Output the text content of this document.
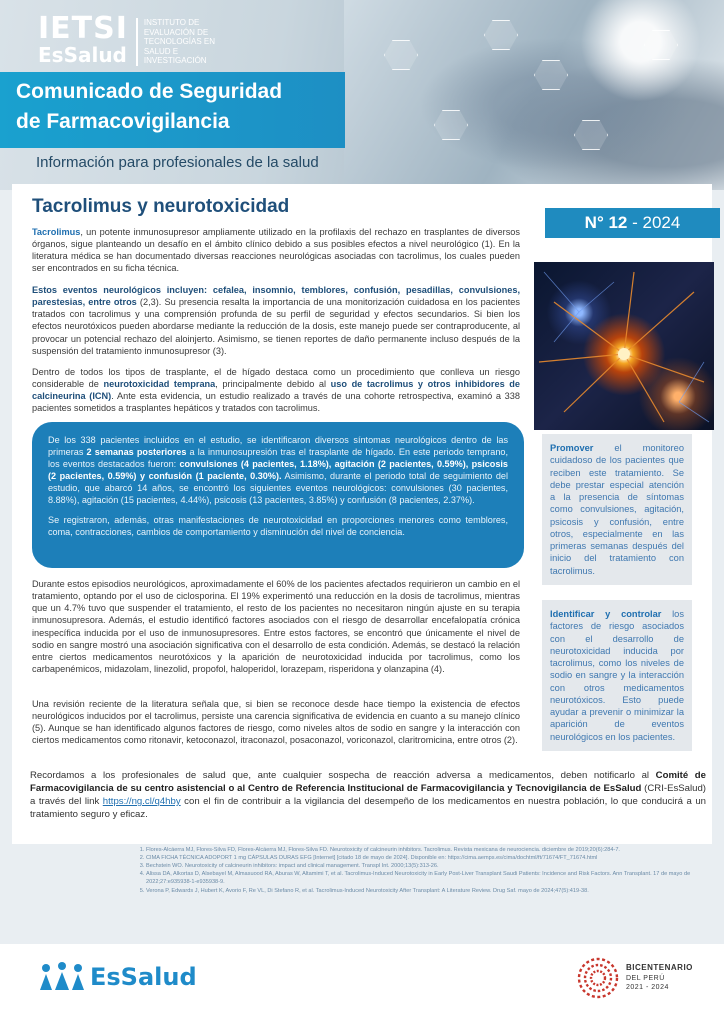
IETSI
EsSalud
INSTITUTO DE EVALUACIÓN DE TECNOLOGÍAS EN SALUD E INVESTIGACIÓN
Comunicado de Seguridad
de Farmacovigilancia
Información para profesionales de la salud
Tacrolimus y neurotoxicidad
N° 12 - 2024
Tacrolimus, un potente inmunosupresor ampliamente utilizado en la profilaxis del rechazo en trasplantes de diversos órganos, sigue planteando un desafío en el ámbito clínico debido a sus posibles efectos a nivel neurológico (1). En la literatura médica se han documentado diversas reacciones neurológicas asociadas con tacrolimus, los cuales pueden ser encontrados en su ficha técnica.
Estos eventos neurológicos incluyen: cefalea, insomnio, temblores, confusión, pesadillas, convulsiones, parestesias, entre otros (2,3). Su presencia resalta la importancia de una monitorización cuidadosa en los pacientes tratados con tacrolimus y una comprensión profunda de su perfil de seguridad y efectos secundarios. Si bien los efectos neurotóxicos pueden abordarse mediante la reducción de la dosis, este manejo puede ser contraproducente, al provocar un potencial rechazo del aloinjerto. Asimismo, se tienen reportes de daño permanente incluso después de la suspensión del tratamiento inmunosupresor (3).
Dentro de todos los tipos de trasplante, el de hígado destaca como un procedimiento que conlleva un riesgo considerable de neurotoxicidad temprana, principalmente debido al uso de tacrolimus y otros inhibidores de calcineurina (ICN). Ante esta evidencia, un estudio realizado a través de una cohorte retrospectiva, examinó a 338 pacientes sometidos a trasplantes hepáticos y tratados con tacrolimus.

De los 338 pacientes incluidos en el estudio, se identificaron diversos síntomas neurológicos dentro de las primeras 2 semanas posteriores a la inmunosupresión tras el trasplante de hígado. En este periodo temprano, los eventos destacados fueron: convulsiones (4 pacientes, 1.18%), agitación (2 pacientes, 0.59%), psicosis (2 pacientes, 0.59%) y confusión (1 paciente, 0.30%). Asimismo, durante el periodo total de seguimiento del estudio, que abarcó 14 años, se encontró los siguientes eventos neurológicos: convulsiones (30 pacientes, 8.88%), agitación (15 pacientes, 4.44%), psicosis (13 pacientes, 3.85%) y confusión (8 pacientes, 2.37%).

Se registraron, además, otras manifestaciones de neurotoxicidad en proporciones menores como temblores, coma, contracciones, cambios de comportamiento y disminución del nivel de conciencia.

Promover el monitoreo cuidadoso de los pacientes que reciben este tratamiento. Se debe prestar especial atención a la presencia de síntomas como convulsiones, agitación, psicosis y confusión, entre otros, especialmente en las primeras semanas después del inicio del tratamiento con tacrolimus.
Identificar y controlar los factores de riesgo asociados con el desarrollo de neurotoxicidad inducida por tacrolimus, como los niveles de sodio en sangre y la interacción con otros medicamentos neurotóxicos. Esto puede ayudar a prevenir o minimizar la aparición de eventos neurológicos en los pacientes.
Durante estos episodios neurológicos, aproximadamente el 60% de los pacientes afectados requirieron un cambio en el tratamiento, optando por el uso de ciclosporina. El 19% experimentó una reducción en la dosis de tacrolimus, mientras que un 4.7% tuvo que suspender el tratamiento, el resto de los pacientes no necesitaron ningún ajuste en su terapia inmunosupresora. Además, el estudio identificó factores asociados con el riesgo de desarrollar encefalopatía crónica inespecífica inducida por el uso de inmunosupresores. Entre estos factores, se encontró que únicamente el nivel de sodio en sangre mostró una asociación significativa con el desarrollo de esta condición. Además, se destacó la relación entre ciertos medicamentos neurotóxicos y la aparición de neurotoxicidad inducida por tacrolimus, como los carbapenémicos, midazolam, linezolid, propofol, haloperidol, lorazepam, risperidona y olanzapina (4).
Una revisión reciente de la literatura señala que, si bien se reconoce desde hace tiempo la existencia de efectos neurológicos inducidos por el tacrolimus, persiste una carencia significativa de evidencia en cuanto a su manejo clínico (5). Aunque se han identificado algunos factores de riesgo, como niveles altos de sodio en sangre y la interacción con ciertos medicamentos como ritonavir, ketoconazol, itraconazol, posaconazol, voriconazol, claritromicina, entre otros (2).
Recordamos a los profesionales de salud que, ante cualquier sospecha de reacción adversa a medicamentos, deben notificarlo al Comité de Farmacovigilancia de su centro asistencial o al Centro de Referencia Institucional de Farmacovigilancia y Tecnovigilancia de EsSalud (CRI-EsSalud) a través del link https://ng.cl/q4hby con el fin de contribuir a la vigilancia del desempeño de los medicamentos en nuestra población, lo que conducirá a un tratamiento seguro y eficaz.
1. Flores-Alcáerra MJ, Flores-Silva FD, Flores-Alcáerra MJ, Flores-Silva FD. Neurotoxicity of calcineurin inhibitors. Tacrolimus. Revista mexicana de neurociencia. diciembre de 2019;20(6):284-7.
2. CIMA FICHA TÉCNICA ADOPORT 1 mg CÁPSULAS DURAS EFG [Internet] [citado 18 de mayo de 2024]. Disponible en: https://cima.aemps.es/cima/dochtml/ft/71674/FT_71674.html
3. Bechstein WO. Neurotoxicity of calcineurin inhibitors: impact and clinical management. Transpl Int. 2000;13(5):313-26.
4. Alissa DA, Alkortas D, Alsebayel M, Almasuood RA, Aburas W, Altamimi T, et al. Tacrolimus-Induced Neurotoxicity in Early Post-Liver Transplant Saudi Patients: Incidence and Risk Factors. Ann Transplant. 17 de mayo de 2022;27:e935938-1-e935938-9.
5. Verona P, Edwards J, Hubert K, Avorio F, Re VL, Di Stefano R, et al. Tacrolimus-Induced Neurotoxicity After Transplant: A Literature Review. Drug Saf. mayo de 2024;47(5):419-38.
EsSalud	BICENTENARIO
DEL PERÚ
2021 - 2024
